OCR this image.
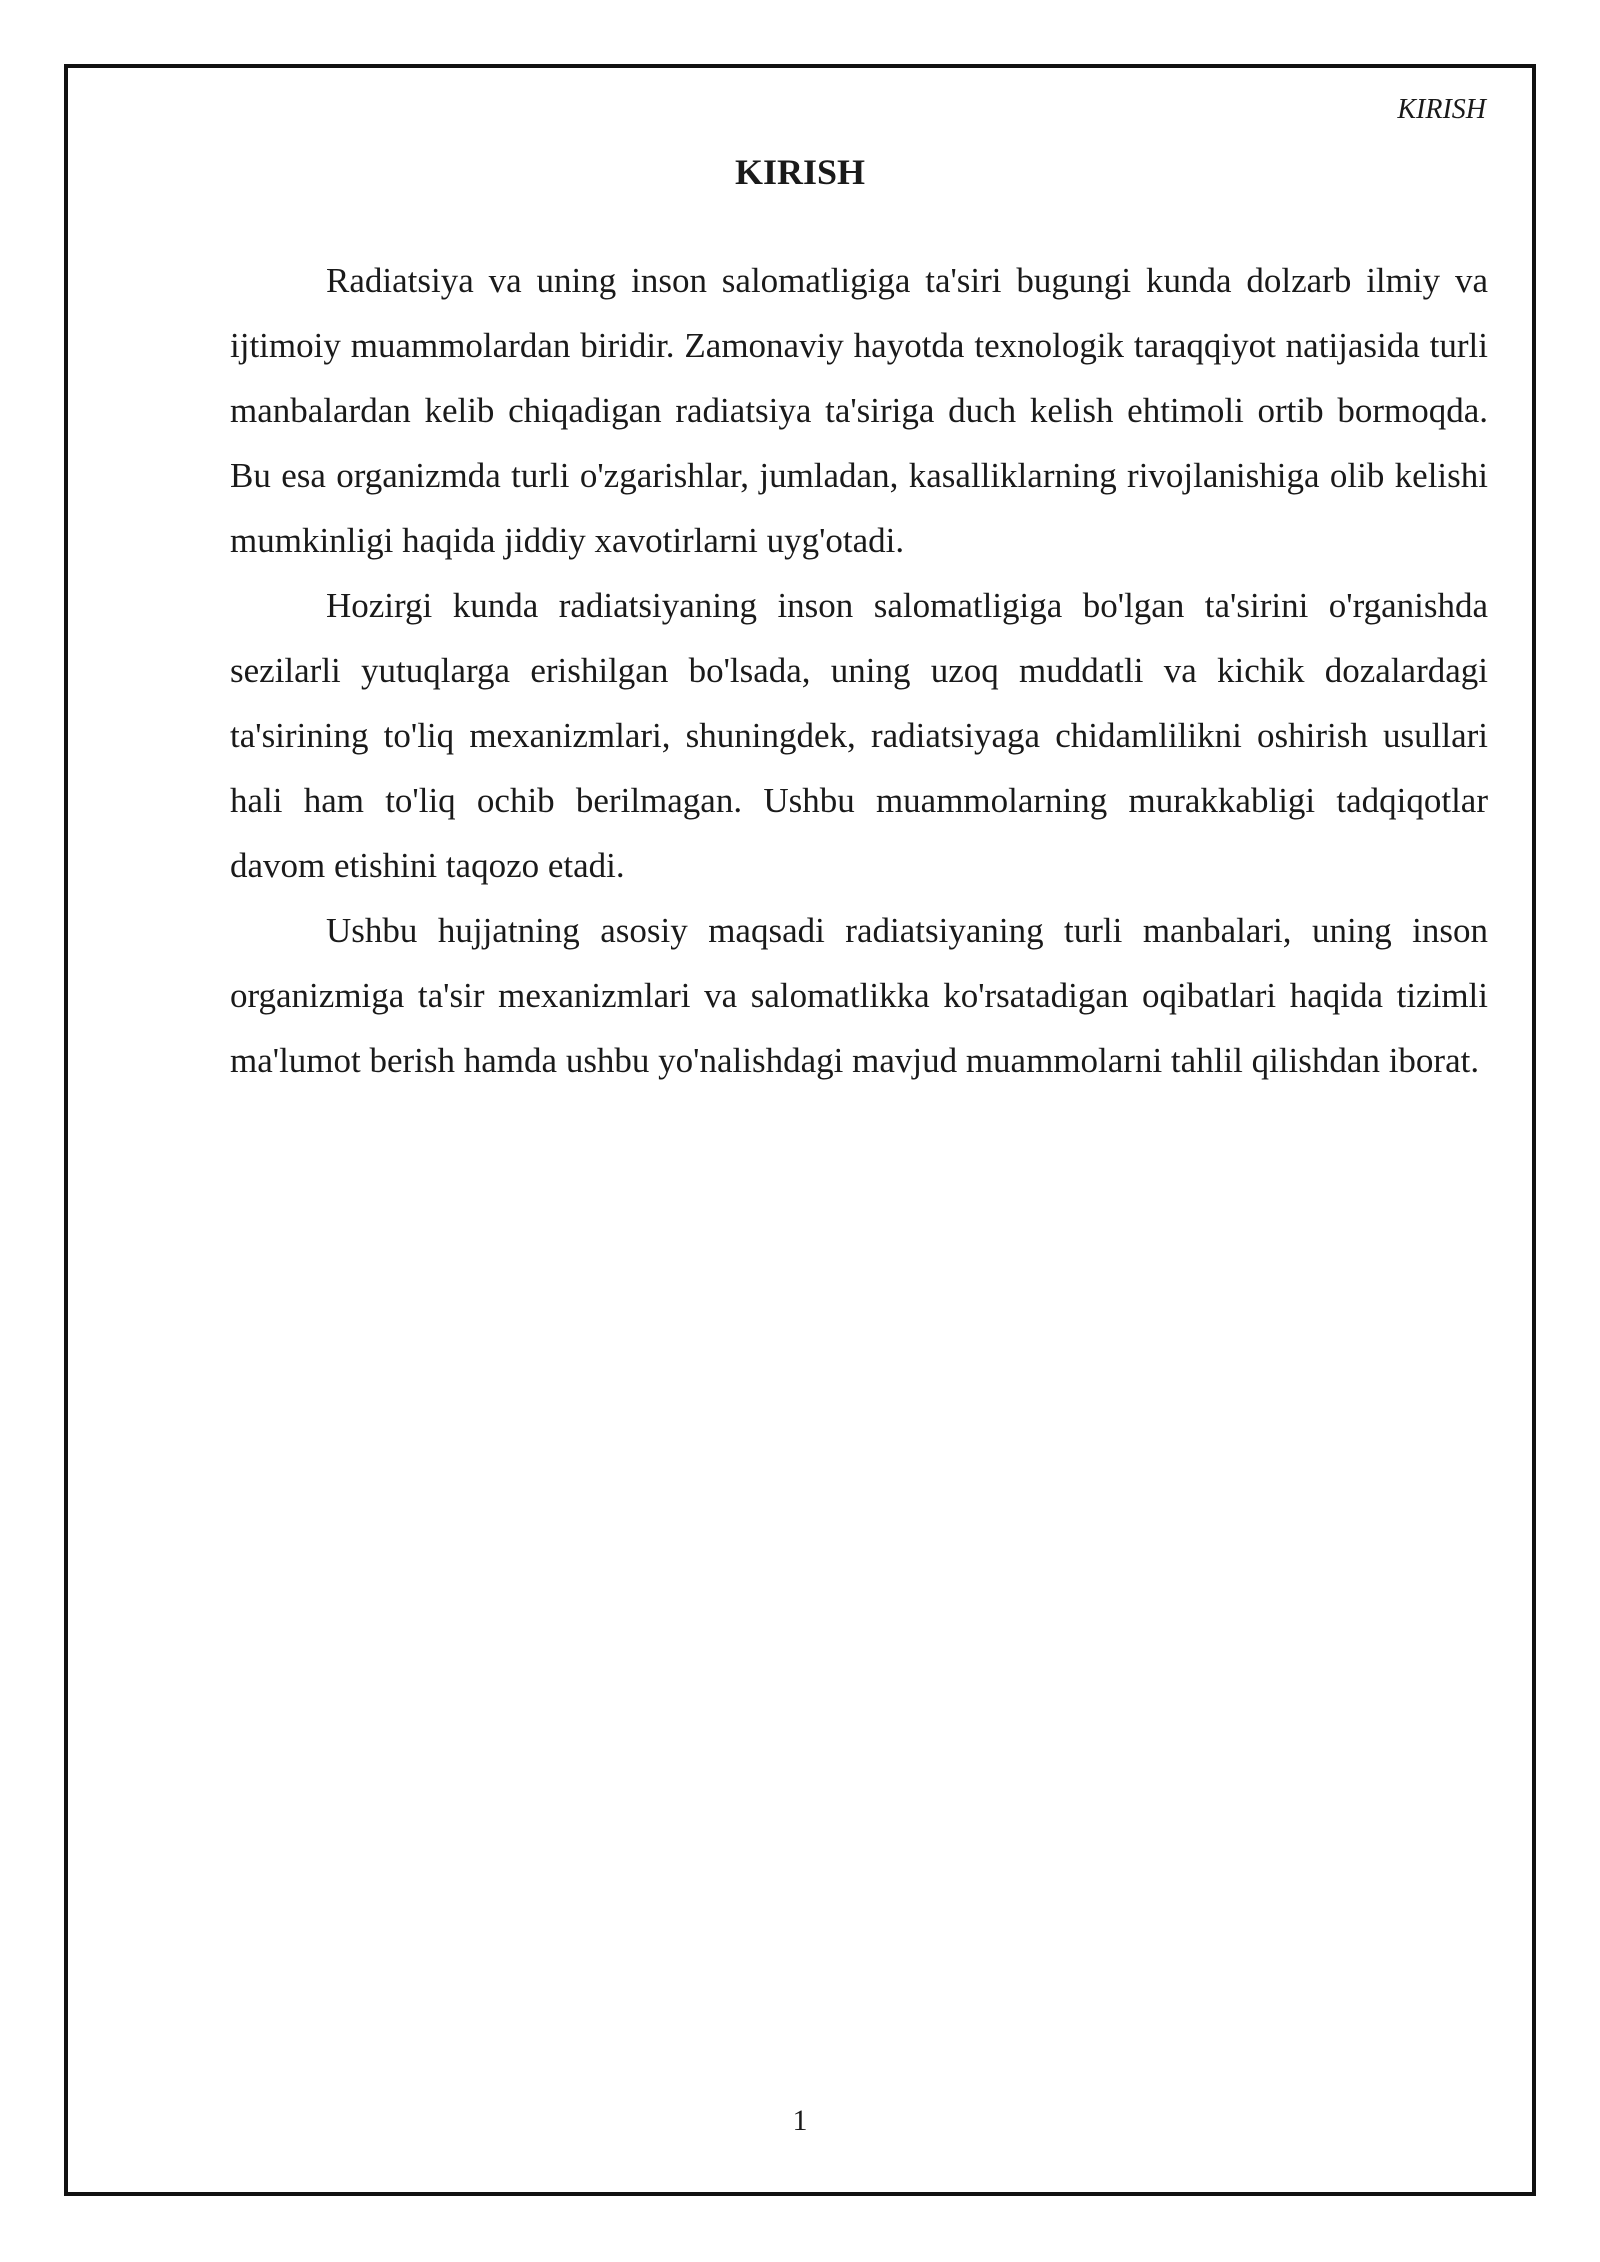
KIRISH
KIRISH

Radiatsiya va uning inson salomatligiga ta'siri bugungi kunda dolzarb ilmiy va ijtimoiy muammolardan biridir. Zamonaviy hayotda texnologik taraqqiyot natijasida turli manbalardan kelib chiqadigan radiatsiya ta'siriga duch kelish ehtimoli ortib bormoqda. Bu esa organizmda turli o'zgarishlar, jumladan, kasalliklarning rivojlanishiga olib kelishi mumkinligi haqida jiddiy xavotirlarni uyg'otadi.

Hozirgi kunda radiatsiyaning inson salomatligiga bo'lgan ta'sirini o'rganishda sezilarli yutuqlarga erishilgan bo'lsada, uning uzoq muddatli va kichik dozalardagi ta'sirining to'liq mexanizmlari, shuningdek, radiatsiyaga chidamlilikni oshirish usullari hali ham to'liq ochib berilmagan. Ushbu muammolarning murakkabligi tadqiqotlar davom etishini taqozo etadi.

Ushbu hujjatning asosiy maqsadi radiatsiyaning turli manbalari, uning inson organizmiga ta'sir mexanizmlari va salomatlikka ko'rsatadigan oqibatlari haqida tizimli ma'lumot berish hamda ushbu yo'nalishdagi mavjud muammolarni tahlil qilishdan iborat.

1
